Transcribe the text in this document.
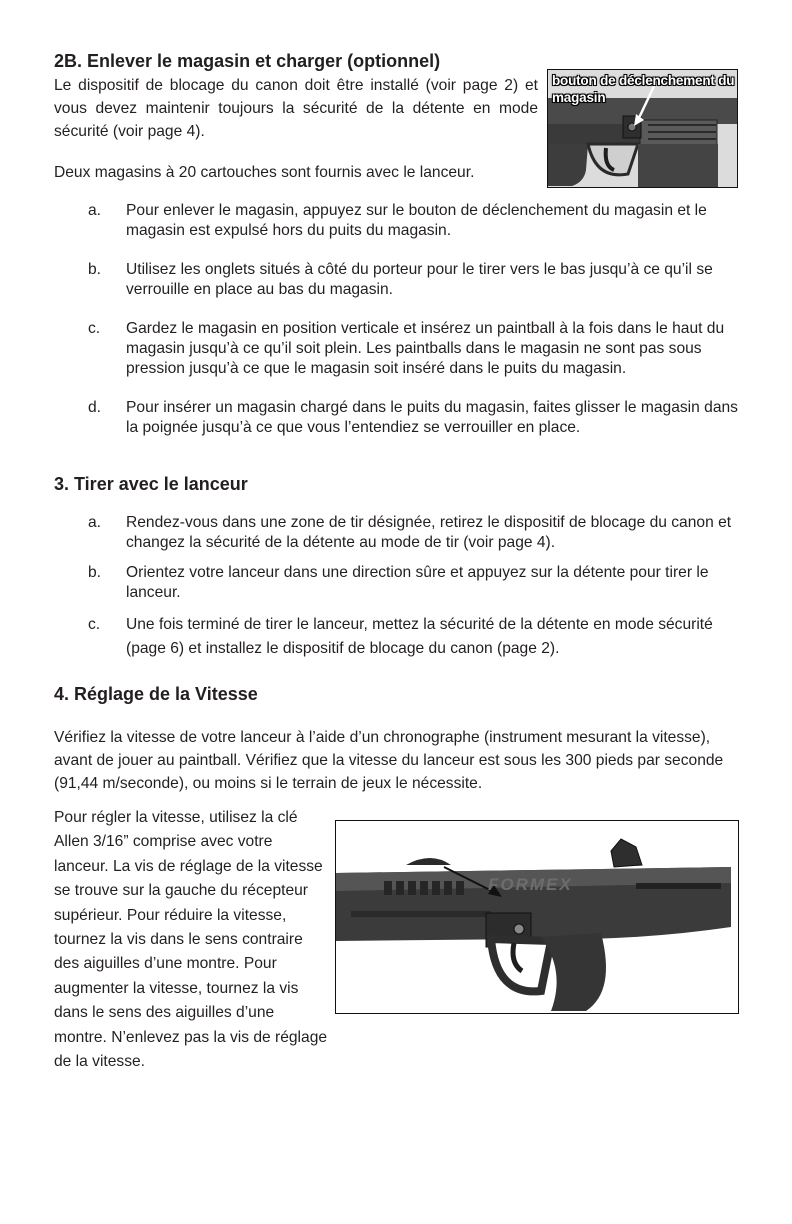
2B. Enlever le magasin et charger (optionnel)

Le dispositif de blocage du canon doit être installé (voir page 2) et vous devez maintenir toujours la sécurité de la détente en mode sécurité (voir page 4).

Deux magasins à 20 cartouches sont fournis avec le lanceur.

bouton de déclenchement du magasin
a. Pour enlever le magasin, appuyez sur le bouton de déclenchement du magasin et le magasin est expulsé hors du puits du magasin.
b. Utilisez les onglets situés à côté du porteur pour le tirer vers le bas jusqu’à ce qu’il se verrouille en place au bas du magasin.
c. Gardez le magasin en position verticale et insérez un paintball à la fois dans le haut du magasin jusqu’à ce qu’il soit plein. Les paintballs dans le magasin ne sont pas sous pression jusqu’à ce que le magasin soit inséré dans le puits du magasin.
d. Pour insérer un magasin chargé dans le puits du magasin, faites glisser le magasin dans la poignée jusqu’à ce que vous l’entendiez se verrouiller en place.
3. Tirer avec le lanceur
a. Rendez-vous dans une zone de tir désignée, retirez le dispositif de blocage du canon et changez la sécurité de la détente au mode de tir (voir page 4).
b. Orientez votre lanceur dans une direction sûre et appuyez sur la détente pour tirer le lanceur.
c. Une fois terminé de tirer le lanceur, mettez la sécurité de la détente en mode sécurité (page 6) et installez le dispositif de blocage du canon (page 2).
4. Réglage de la Vitesse

Vérifiez la vitesse de votre lanceur à l’aide d’un chronographe (instrument mesurant la vitesse), avant de jouer au paintball. Vérifiez que la vitesse du lanceur est sous les 300 pieds par seconde (91,44 m/seconde), ou moins si le terrain de jeux le nécessite.

Pour régler la vitesse, utilisez la clé Allen 3/16” comprise avec votre lanceur. La vis de réglage de la vitesse se trouve sur la gauche du récepteur supérieur. Pour réduire la vitesse, tournez la vis dans le sens contraire des aiguilles d’une montre. Pour augmenter la vitesse, tournez la vis dans le sens des aiguilles d’une montre. N’enlevez pas la vis de réglage de la vitesse.

FORMEX
